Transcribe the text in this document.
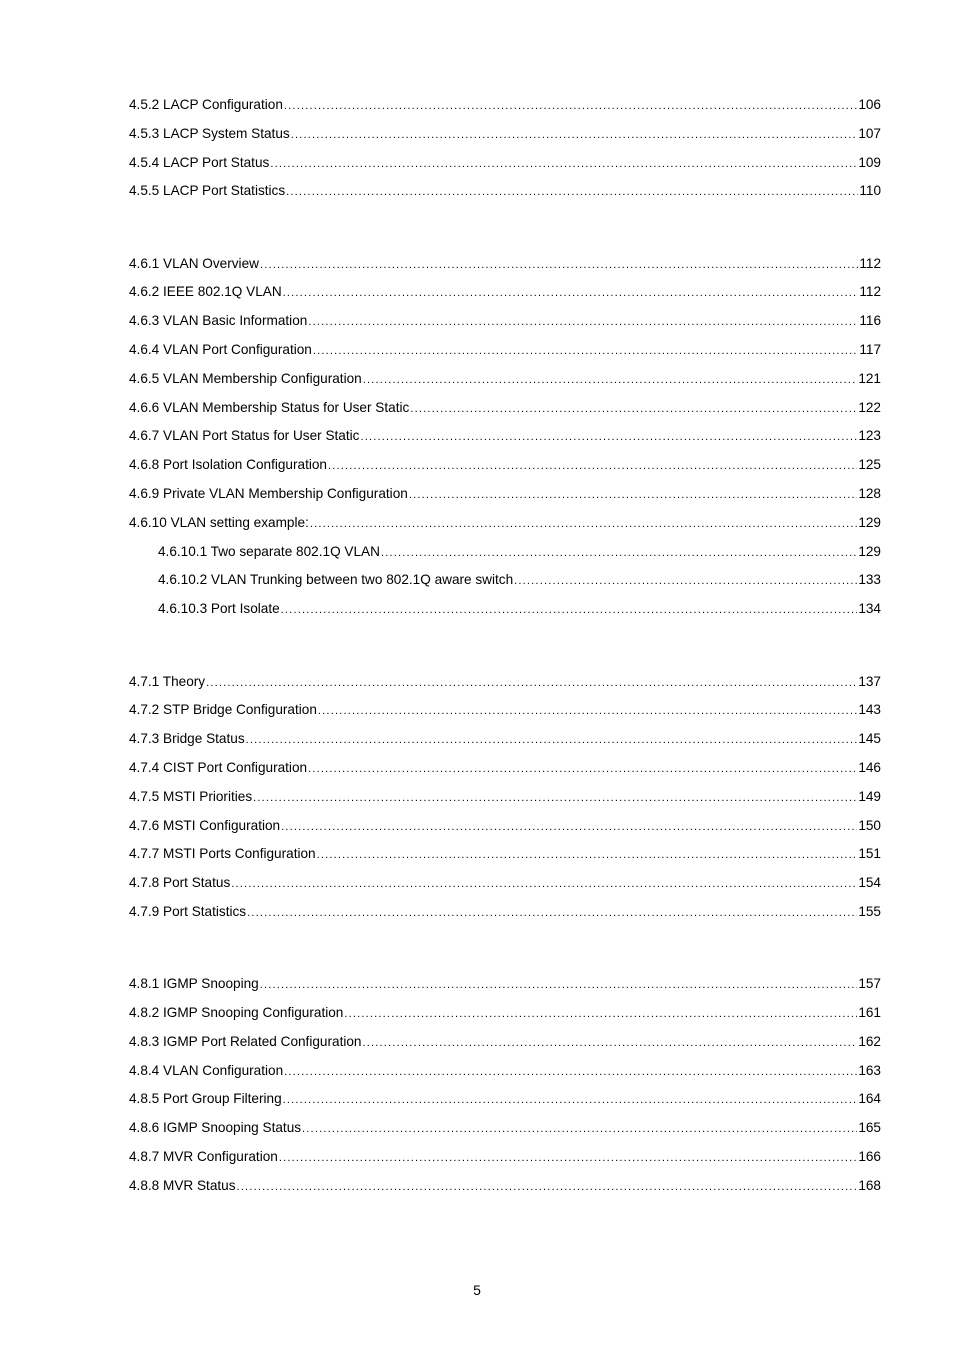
4.5.2 LACP Configuration .....	106
4.5.3 LACP System Status .....	107
4.5.4 LACP Port Status .....	109
4.5.5 LACP Port Statistics .....	110
4.6.1 VLAN Overview .....	112
4.6.2 IEEE 802.1Q VLAN .....	112
4.6.3 VLAN Basic Information .....	116
4.6.4 VLAN Port Configuration .....	117
4.6.5 VLAN Membership Configuration .....	121
4.6.6 VLAN Membership Status for User Static .....	122
4.6.7 VLAN Port Status for User Static .....	123
4.6.8 Port Isolation Configuration .....	125
4.6.9 Private VLAN Membership Configuration .....	128
4.6.10 VLAN setting example: .....	129
4.6.10.1 Two separate 802.1Q VLAN .....	129
4.6.10.2 VLAN Trunking between two 802.1Q aware switch .....	133
4.6.10.3 Port Isolate .....	134
4.7.1 Theory .....	137
4.7.2 STP Bridge Configuration .....	143
4.7.3 Bridge Status .....	145
4.7.4 CIST Port Configuration .....	146
4.7.5 MSTI Priorities .....	149
4.7.6 MSTI Configuration .....	150
4.7.7 MSTI Ports Configuration .....	151
4.7.8 Port Status .....	154
4.7.9 Port Statistics .....	155
4.8.1 IGMP Snooping .....	157
4.8.2 IGMP Snooping Configuration .....	161
4.8.3 IGMP Port Related Configuration .....	162
4.8.4 VLAN Configuration .....	163
4.8.5 Port Group Filtering .....	164
4.8.6 IGMP Snooping Status .....	165
4.8.7 MVR Configuration .....	166
4.8.8 MVR Status .....	168
5
